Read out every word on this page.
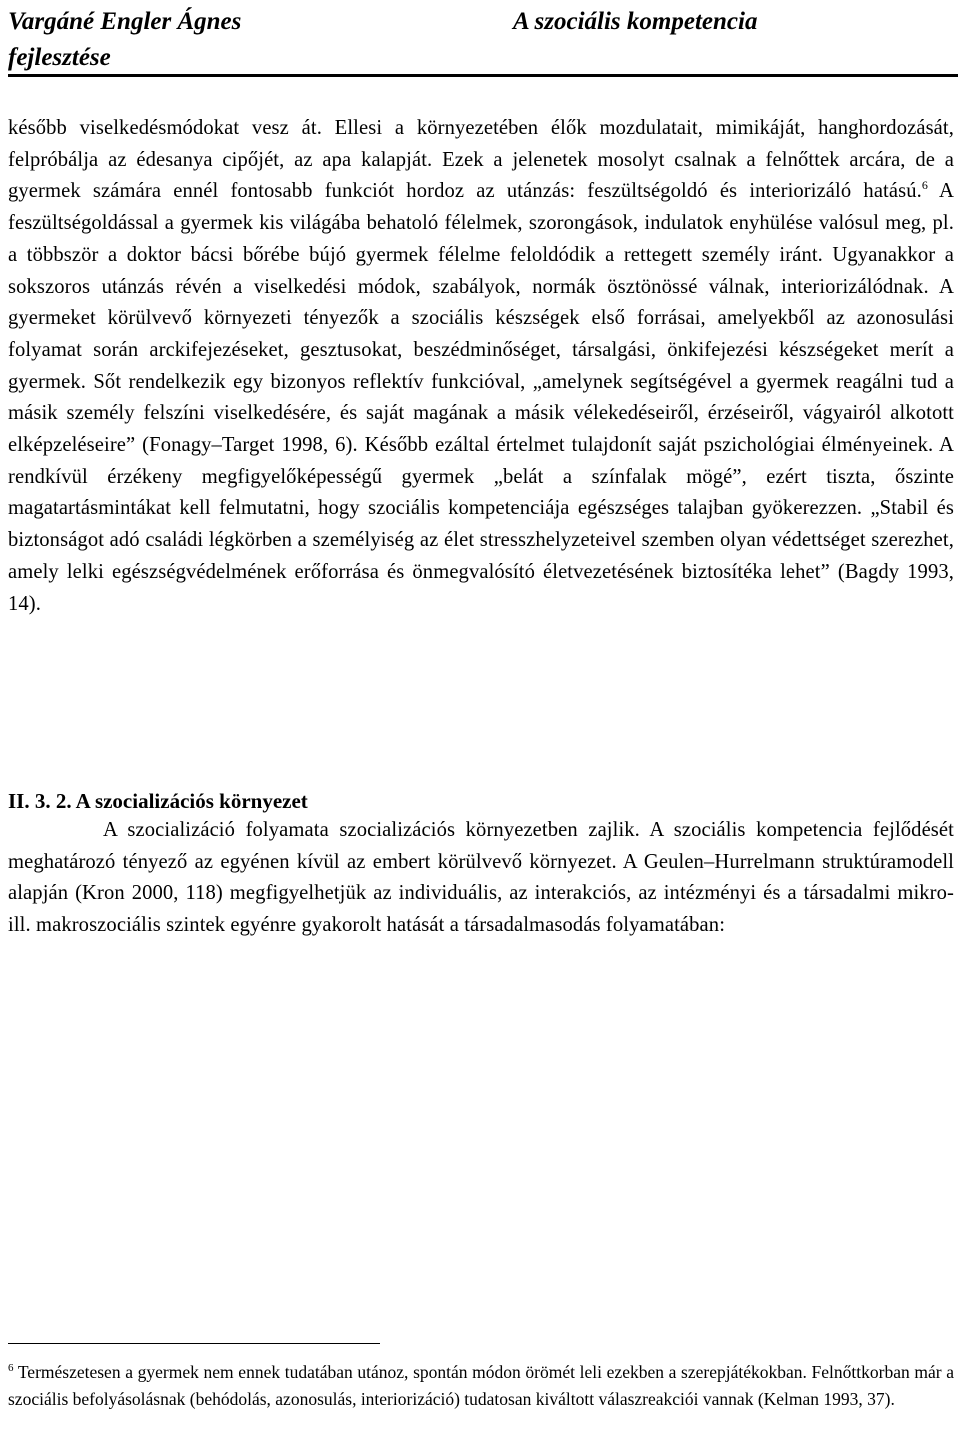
Vargáné Engler Ágnes
fejlesztése
A szociális kompetencia

később viselkedésmódokat vesz át. Ellesi a környezetében élők mozdulatait, mimikáját, hanghordozását, felpróbálja az édesanya cipőjét, az apa kalapját. Ezek a jelenetek mosolyt csalnak a felnőttek arcára, de a gyermek számára ennél fontosabb funkciót hordoz az utánzás: feszültségoldó és interiorizáló hatású.$^6$ A feszültségoldással a gyermek kis világába behatoló félelmek, szorongások, indulatok enyhülése valósul meg, pl. a többször a doktor bácsi bőrébe bújó gyermek félelme feloldódik a rettegett személy iránt. Ugyanakkor a sokszoros utánzás révén a viselkedési módok, szabályok, normák ösztönössé válnak, interiorizálódnak. A gyermeket körülvevő környezeti tényezők a szociális készségek első forrásai, amelyekből az azonosulási folyamat során arckifejezéseket, gesztusokat, beszédminőséget, társalgási, önkifejezési készségeket merít a gyermek. Sőt rendelkezik egy bizonyos reflektív funkcióval, „amelynek segítségével a gyermek reagálni tud a másik személy felszíni viselkedésére, és saját magának a másik vélekedéseiről, érzéseiről, vágyairól alkotott elképzeléseire” (Fonagy–Target 1998, 6). Később ezáltal értelmet tulajdonít saját pszichológiai élményeinek. A rendkívül érzékeny megfigyelőképességű gyermek „belát a színfalak mögé”, ezért tiszta, őszinte magatartásmintákat kell felmutatni, hogy szociális kompetenciája egészséges talajban gyökerezzen. „Stabil és biztonságot adó családi légkörben a személyiség az élet stresszhelyzeteivel szemben olyan védettséget szerezhet, amely lelki egészségvédelmének erőforrása és önmegvalósító életvezetésének biztosítéka lehet” (Bagdy 1993, 14).

II. 3. 2. A szocializációs környezet

A szocializáció folyamata szocializációs környezetben zajlik. A szociális kompetencia fejlődését meghatározó tényező az egyénen kívül az embert körülvevő környezet. A Geulen–Hurrelmann struktúramodell alapján (Kron 2000, 118) megfigyelhetjük az individuális, az interakciós, az intézményi és a társadalmi mikro- ill. makroszociális szintek egyénre gyakorolt hatását a társadalmasodás folyamatában:

$^6$ Természetesen a gyermek nem ennek tudatában utánoz, spontán módon örömét leli ezekben a szerepjátékokban. Felnőttkorban már a szociális befolyásolásnak (behódolás, azonosulás, interiorizáció) tudatosan kiváltott válaszreakciói vannak (Kelman 1993, 37).
